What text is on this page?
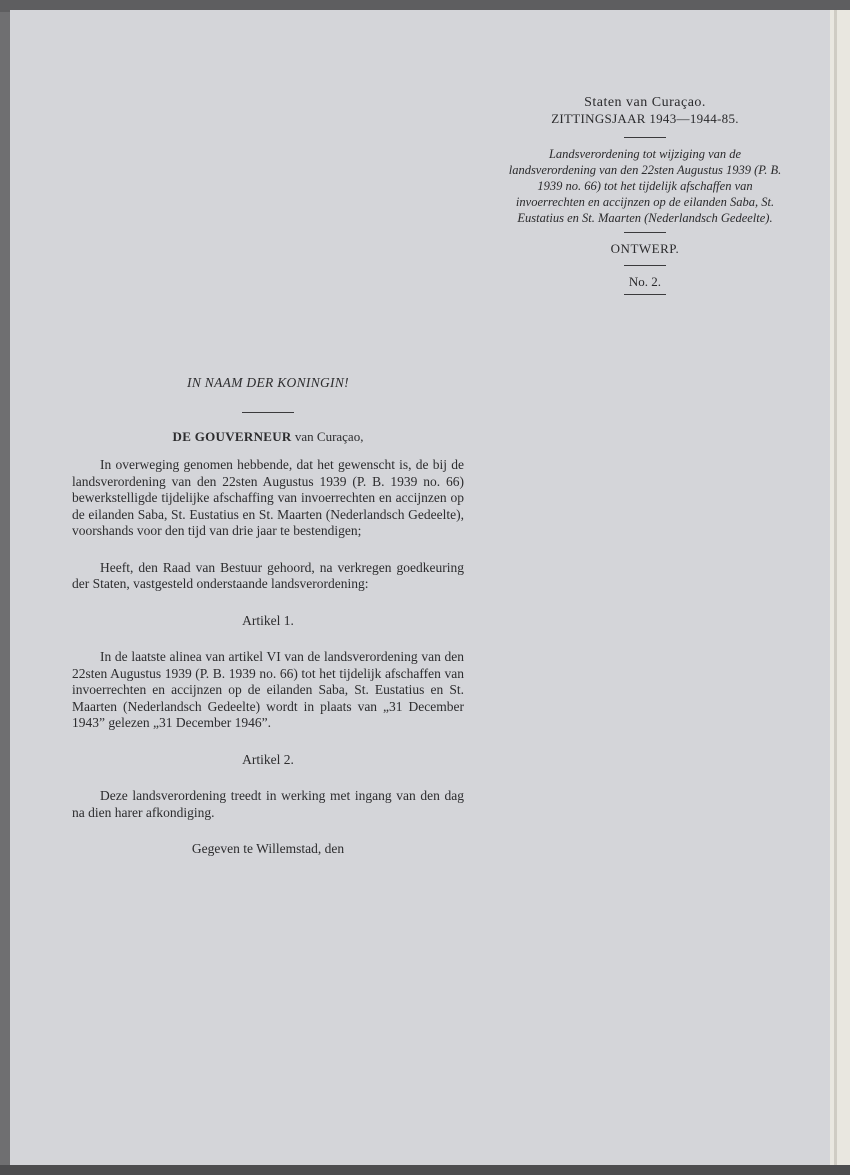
Staten van Curaçao.
ZITTINGSJAAR 1943—1944-85.
Landsverordening tot wijziging van de landsverordening van den 22sten Augustus 1939 (P. B. 1939 no. 66) tot het tijdelijk afschaffen van invoerrechten en accijnzen op de eilanden Saba, St. Eustatius en St. Maarten (Nederlandsch Gedeelte).
ONTWERP.
No. 2.
IN NAAM DER KONINGIN!
DE GOUVERNEUR van Curaçao,

In overweging genomen hebbende, dat het gewenscht is, de bij de landsverordening van den 22sten Augustus 1939 (P. B. 1939 no. 66) bewerkstelligde tijdelijke afschaffing van invoerrechten en accijnzen op de eilanden Saba, St. Eustatius en St. Maarten (Nederlandsch Gedeelte), voorshands voor den tijd van drie jaar te bestendigen;

Heeft, den Raad van Bestuur gehoord, na verkregen goedkeuring der Staten, vastgesteld onderstaande landsverordening:

Artikel 1.

In de laatste alinea van artikel VI van de landsverordening van den 22sten Augustus 1939 (P. B. 1939 no. 66) tot het tijdelijk afschaffen van invoerrechten en accijnzen op de eilanden Saba, St. Eustatius en St. Maarten (Nederlandsch Gedeelte) wordt in plaats van „31 December 1943” gelezen „31 December 1946”.

Artikel 2.

Deze landsverordening treedt in werking met ingang van den dag na dien harer afkondiging.

Gegeven te Willemstad, den
